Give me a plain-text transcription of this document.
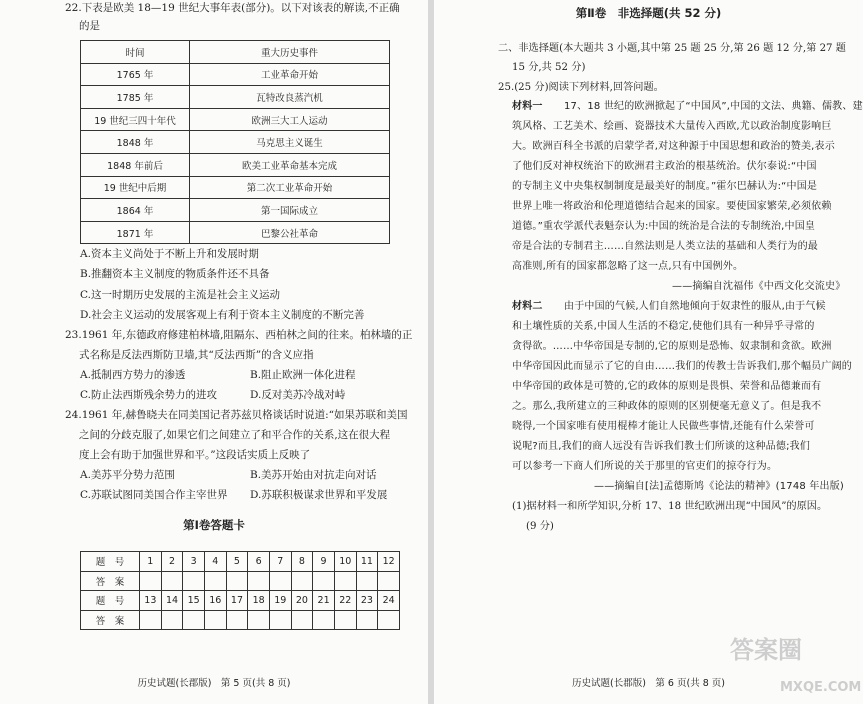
22.下表是欧美 18—19 世纪大事年表(部分)。以下对该表的解读,不正确
的是
时间	重大历史事件
1765 年	工业革命开始
1785 年	瓦特改良蒸汽机
19 世纪三四十年代	欧洲三大工人运动
1848 年	马克思主义诞生
1848 年前后	欧美工业革命基本完成
19 世纪中后期	第二次工业革命开始
1864 年	第一国际成立
1871 年	巴黎公社革命
A.资本主义尚处于不断上升和发展时期
B.推翻资本主义制度的物质条件还不具备
C.这一时期历史发展的主流是社会主义运动
D.社会主义运动的发展客观上有利于资本主义制度的不断完善
23.1961 年,东德政府修建柏林墙,阻隔东、西柏林之间的往来。柏林墙的正
式名称是反法西斯防卫墙,其“反法西斯”的含义应指
A.抵制西方势力的渗透	B.阻止欧洲一体化进程
C.防止法西斯残余势力的进攻	D.反对美苏冷战对峙
24.1961 年,赫鲁晓夫在同美国记者苏兹贝格谈话时说道:“如果苏联和美国
之间的分歧克服了,如果它们之间建立了和平合作的关系,这在很大程
度上会有助于加强世界和平。”这段话实质上反映了
A.美苏平分势力范围	B.美苏开始由对抗走向对话
C.苏联试图同美国合作主宰世界 D.苏联积极谋求世界和平发展
第Ⅰ卷答题卡
题　号	1	2	3	4	5	6	7	8	9	10	11	12
答　案												
题　号	13	14	15	16	17	18	19	20	21	22	23	24
答　案												
历史试题(长郡版)　第 5 页(共 8 页)
第Ⅱ卷　非选择题(共 52 分)
二、非选择题(本大题共 3 小题,其中第 25 题 25 分,第 26 题 12 分,第 27 题
15 分,共 52 分)
25.(25 分)阅读下列材料,回答问题。
材料一 17、18 世纪的欧洲掀起了“中国风”,中国的文法、典籍、儒教、建
筑风格、工艺美术、绘画、瓷器技术大量传入西欧,尤以政治制度影响巨
大。欧洲百科全书派的启蒙学者,对这种源于中国思想和政治的赞美,表示
了他们反对神权统治下的欧洲君主政治的根基统治。伏尔泰说:“中国
的专制主义中央集权制制度是最美好的制度。”霍尔巴赫认为:“中国是
世界上唯一将政治和伦理道德结合起来的国家。要使国家繁荣,必须依赖
道德。”重农学派代表魁奈认为:中国的统治是合法的专制统治,中国皇
帝是合法的专制君主……自然法则是人类立法的基础和人类行为的最
高准则,所有的国家都忽略了这一点,只有中国例外。
——摘编自沈福伟《中西文化交流史》
材料二 由于中国的气候,人们自然地倾向于奴隶性的服从,由于气候
和土壤性质的关系,中国人生活的不稳定,使他们具有一种异乎寻常的
贪得欲。……中华帝国是专制的,它的原则是恐怖、奴隶制和贪欲。欧洲
中华帝国因此而显示了它的自由……我们的传教士告诉我们,那个幅员广阔的
中华帝国的政体是可赞的,它的政体的原则是畏惧、荣誉和品德兼而有
之。那么,我所建立的三种政体的原则的区别便毫无意义了。但是我不
晓得,一个国家唯有使用棍棒才能让人民做些事情,还能有什么荣誉可
说呢?而且,我们的商人远没有告诉我们教士们所谈的这种品德;我们
可以参考一下商人们所说的关于那里的官吏们的掠夺行为。
——摘编自[法]孟德斯鸠《论法的精神》(1748 年出版)
(1)据材料一和所学知识,分析 17、18 世纪欧洲出现“中国风”的原因。
(9 分)
历史试题(长郡版)　第 6 页(共 8 页)
答案圈
MXQE.COM
